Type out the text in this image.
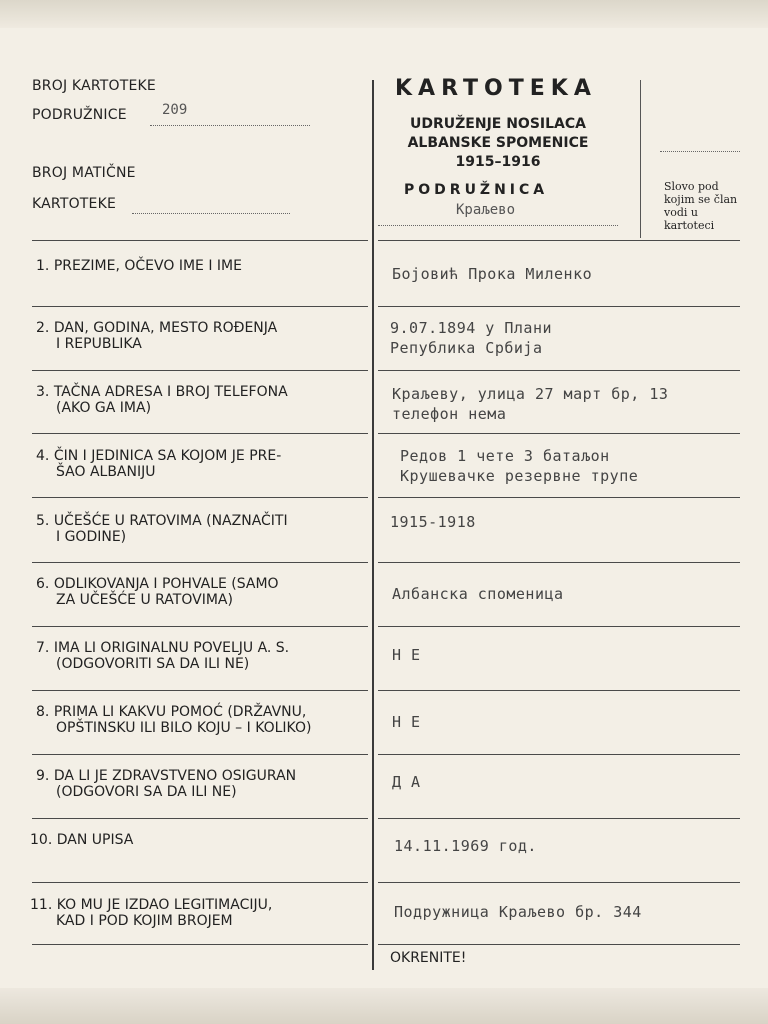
BROJ KARTOTEKE
PODRUŽNICE	209
BROJ MATIČNE
KARTOTEKE
KARTOTEKA
UDRUŽENJE NOSILACA
ALBANSKE SPOMENICE
1915–1916
PODRUŽNICA
Краљево
Slovo pod kojim se član vodi u kartoteci
1. PREZIME, OČEVO IME I IME	Бојовић Прока Миленко
2. DAN, GODINA, MESTO ROĐENJA
I REPUBLIKA
9.07.1894 у Плани
Република Србија
3. TAČNA ADRESA I BROJ TELEFONA
(AKO GA IMA)
Краљеву, улица 27 март бр, 13
телефон нема
4. ČIN I JEDINICA SA KOJOM JE PRE-
ŠAO ALBANIJU
Редов 1 чете 3 батаљон
Крушевачке резервне трупе
5. UČEŠĆE U RATOVIMA (NAZNAČITI
I GODINE)
1915-1918
6. ODLIKOVANJA I POHVALE (SAMO
ZA UČEŠĆE U RATOVIMA)	Албанска споменица
7. IMA LI ORIGINALNU POVELJU A. S.
(ODGOVORITI SA DA ILI NE)	Н Е
8. PRIMA LI KAKVU POMOĆ (DRŽAVNU,
OPŠTINSKU ILI BILO KOJU – I KOLIKO)	Н Е
9. DA LI JE ZDRAVSTVENO OSIGURAN
(ODGOVORI SA DA ILI NE)
Д А
10. DAN UPISA	14.11.1969 год.
11. KO MU JE IZDAO LEGITIMACIJU,
KAD I POD KOJIM BROJEM	Подружница Краљево бр. 344
OKRENITE!
